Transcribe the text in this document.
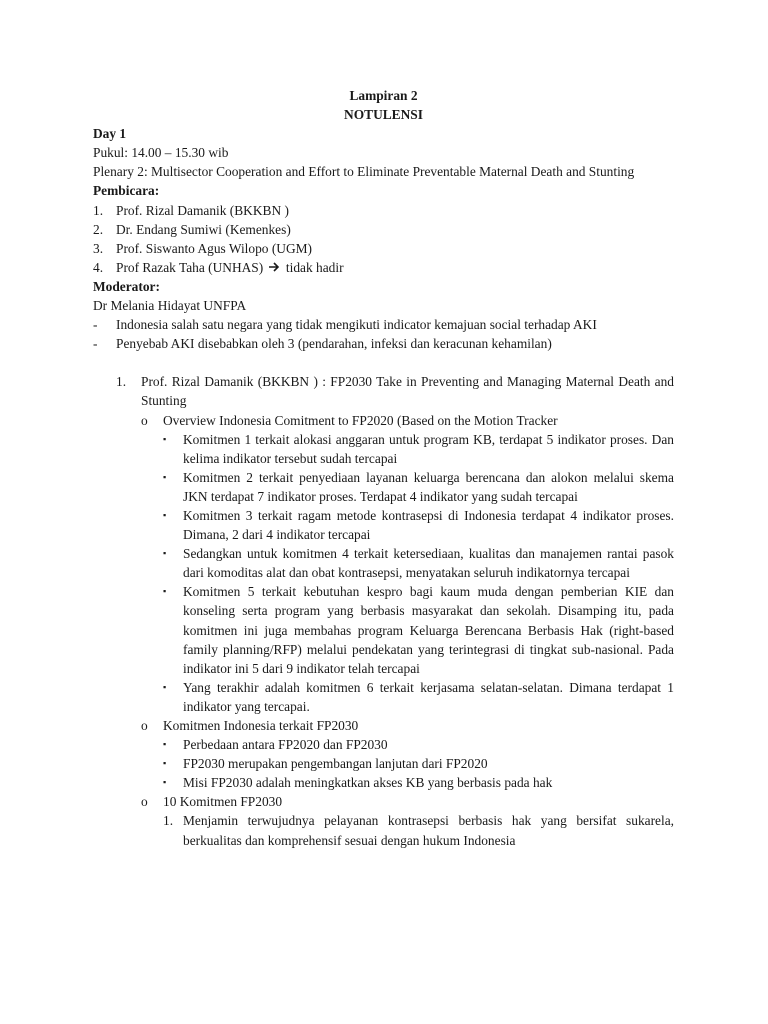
Lampiran 2
NOTULENSI
Day 1
Pukul: 14.00 – 15.30 wib
Plenary 2: Multisector Cooperation and Effort to Eliminate Preventable Maternal Death and Stunting
Pembicara:
1. Prof. Rizal Damanik (BKKBN )
2. Dr. Endang Sumiwi (Kemenkes)
3. Prof. Siswanto Agus Wilopo (UGM)
4. Prof Razak Taha (UNHAS) tidak hadir
Moderator:
Dr Melania Hidayat UNFPA
-	Indonesia salah satu negara yang tidak mengikuti indicator kemajuan social terhadap AKI
-	Penyebab AKI disebabkan oleh 3 (pendarahan, infeksi dan keracunan kehamilan)
1.	Prof. Rizal Damanik (BKKBN ) : FP2030 Take in Preventing and Managing Maternal Death and Stunting
o	Overview Indonesia Comitment to FP2020 (Based on the Motion Tracker
▪	Komitmen 1 terkait alokasi anggaran untuk program KB, terdapat 5 indikator proses. Dan kelima indikator tersebut sudah tercapai
▪	Komitmen 2 terkait penyediaan layanan keluarga berencana dan alokon melalui skema JKN terdapat 7 indikator proses. Terdapat 4 indikator yang sudah tercapai
▪	Komitmen 3 terkait ragam metode kontrasepsi di Indonesia terdapat 4 indikator proses. Dimana, 2 dari 4 indikator tercapai
▪	Sedangkan untuk komitmen 4 terkait ketersediaan, kualitas dan manajemen rantai pasok dari komoditas alat dan obat kontrasepsi, menyatakan seluruh indikatornya tercapai
▪	Komitmen 5 terkait kebutuhan kespro bagi kaum muda dengan pemberian KIE dan konseling serta program yang berbasis masyarakat dan sekolah. Disamping itu, pada komitmen ini juga membahas program Keluarga Berencana Berbasis Hak (right-based family planning/RFP) melalui pendekatan yang terintegrasi di tingkat sub-nasional. Pada indikator ini 5 dari 9 indikator telah tercapai
▪	Yang terakhir adalah komitmen 6 terkait kerjasama selatan-selatan. Dimana terdapat 1 indikator yang tercapai.
o	Komitmen Indonesia terkait FP2030
▪	Perbedaan antara FP2020 dan FP2030
▪	FP2030 merupakan pengembangan lanjutan dari FP2020
▪	Misi FP2030 adalah meningkatkan akses KB yang berbasis pada hak
o	10 Komitmen FP2030
1. Menjamin terwujudnya pelayanan kontrasepsi berbasis hak yang bersifat sukarela, berkualitas dan komprehensif sesuai dengan hukum Indonesia
